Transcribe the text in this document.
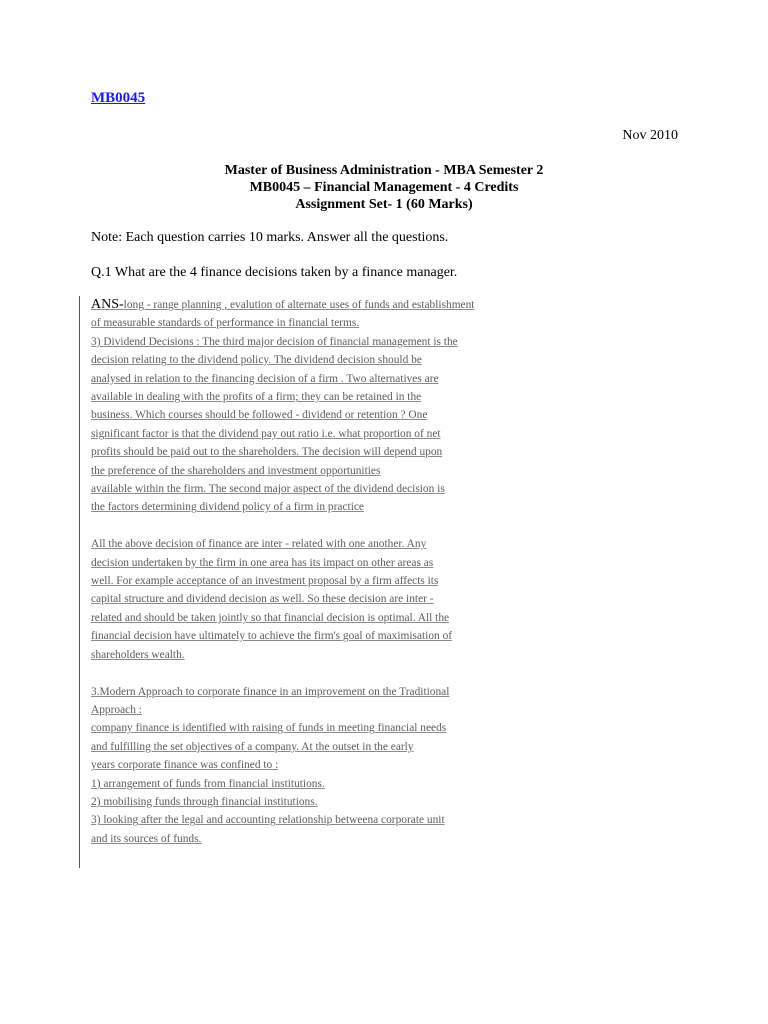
MB0045
Nov 2010
Master of Business Administration - MBA Semester 2
MB0045 – Financial Management - 4 Credits
Assignment Set- 1 (60 Marks)
Note: Each question carries 10 marks. Answer all the questions.
Q.1 What are the 4 finance decisions taken by a finance manager.
ANS-long - range planning , evalution of alternate uses of funds and establishment
of measurable standards of performance in financial terms.
3) Dividend Decisions : The third major decision of financial management is the
decision relating to the dividend policy. The dividend decision should be
analysed in relation to the financing decision of a firm . Two alternatives are
available in dealing with the profits of a firm; they can be retained in the
business. Which courses should be followed - dividend or retention ? One
significant factor is that the dividend pay out ratio i.e. what proportion of net
profits should be paid out to the shareholders. The decision will depend upon
the preference of the shareholders and investment opportunities
available within the firm. The second major aspect of the dividend decision is
the factors determining dividend policy of a firm in practice
All the above decision of finance are inter - related with one another. Any
decision undertaken by the firm in one area has its impact on other areas as
well. For example acceptance of an investment proposal by a firm affects its
capital structure and dividend decision as well. So these decision are inter -
related and should be taken jointly so that financial decision is optimal. All the
financial decision have ultimately to achieve the firm's goal of maximisation of
shareholders wealth.
3.Modern Approach to corporate finance in an improvement on the Traditional
Approach :
company finance is identified with raising of funds in meeting financial needs
and fulfilling the set objectives of a company. At the outset in the early
years corporate finance was confined to :
1) arrangement of funds from financial institutions.
2) mobilising funds through financial institutions.
3) looking after the legal and accounting relationship betweena corporate unit
and its sources of funds.
